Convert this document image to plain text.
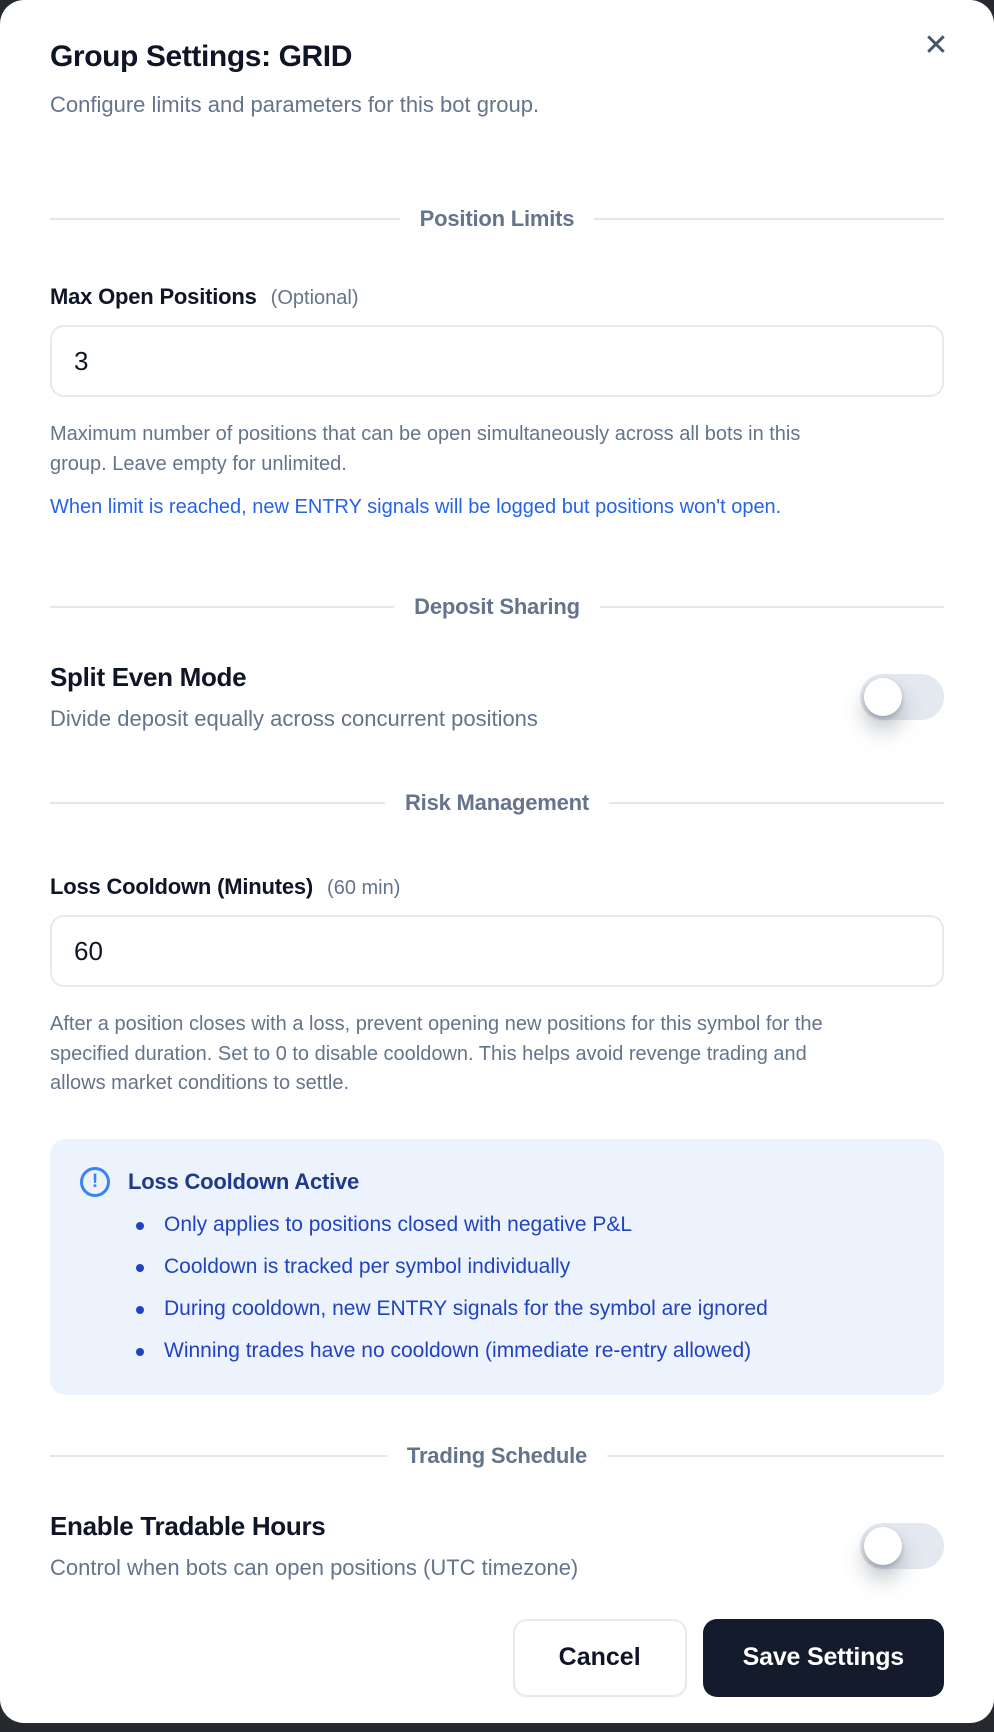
✕
Group Settings: GRID

Configure limits and parameters for this bot group.

Position Limits
Max Open Positions (Optional)
3

Maximum number of positions that can be open simultaneously across all bots in this group. Leave empty for unlimited.

When limit is reached, new ENTRY signals will be logged but positions won't open.

Deposit Sharing
Split Even Mode
Divide deposit equally across concurrent positions
Risk Management
Loss Cooldown (Minutes) (60 min)
60

After a position closes with a loss, prevent opening new positions for this symbol for the specified duration. Set to 0 to disable cooldown. This helps avoid revenge trading and allows market conditions to settle.

!
Loss Cooldown Active
Only applies to positions closed with negative P&L
Cooldown is tracked per symbol individually
During cooldown, new ENTRY signals for the symbol are ignored
Winning trades have no cooldown (immediate re-entry allowed)
Trading Schedule
Enable Tradable Hours
Control when bots can open positions (UTC timezone)
Cancel	Save Settings
